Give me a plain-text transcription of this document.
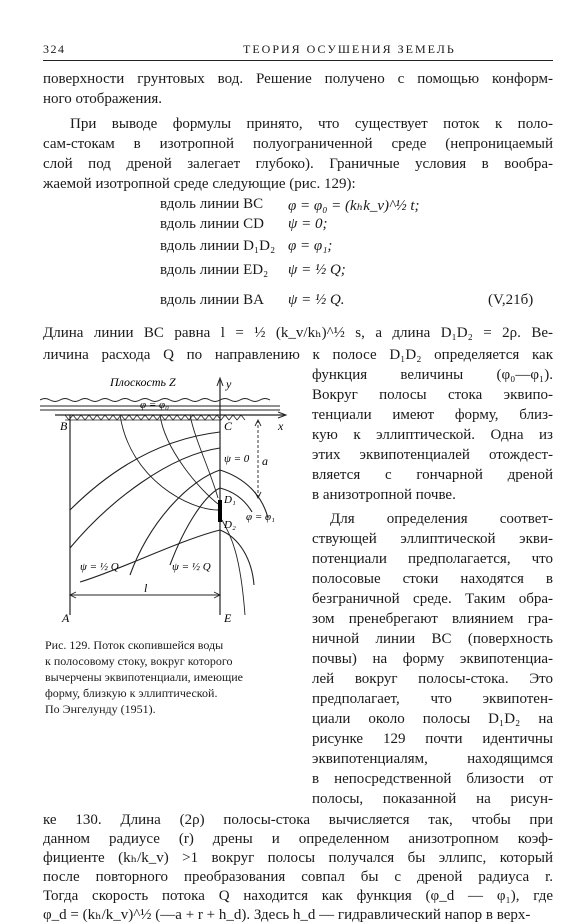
324	ТЕОРИЯ ОСУШЕНИЯ ЗЕМЕЛЬ
поверхности грунтовых вод. Решение получено с помощью конформ-
ного отображения.
При выводе формулы принято, что существует поток к поло-
сам-стокам в изотропной полуограниченной среде (непроницаемый
слой под дреной залегает глубоко). Граничные условия в вообра-
жаемой изотропной среде следующие (рис. 129):
вдоль линии BC φ = φ₀ = (kₕk_v)^½ t;
вдоль линии CD ψ = 0;
вдоль линии D₁D₂ φ = φ₁;
вдоль линии ED₂ ψ = ½ Q;
вдоль линии BA ψ = ½ Q.	(V,21б)
Длина линии BC равна l = ½ (k_v/kₕ)^½ s, а длина D₁D₂ = 2ρ. Ве-
личина расхода Q по направлению к полосе D₁D₂ определяется как
функция величины (φ₀—φ₁).
Вокруг полосы стока эквипо-
тенциали имеют форму, близ-
кую к эллиптической. Одна из
этих эквипотенциалей отождест-
вляется с гончарной дреной
в анизотропной почве.
Для определения соответ-
ствующей эллиптической экви-
потенциали предполагается, что
полосовые стоки находятся в
безграничной среде. Таким обра-
зом пренебрегают влиянием гра-
ничной линии BC (поверхность
почвы) на форму эквипотенциа-
лей вокруг полосы-стока. Это
предполагает, что эквипотен-
циали около полосы D₁D₂ на
рисунке 129 почти идентичны
эквипотенциалям, находящимся
в непосредственной близости от
полосы, показанной на рисун-
Плоскость Z	y
x
B	C
A	E
D₁
D₂
φ = φ₀
ψ = 0
φ = φ₁
ψ = ½ Q	ψ = ½ Q
l
a
Рис. 129. Поток скопившейся воды
к полосовому стоку, вокруг которого
вычерчены эквипотенциали, имеющие
форму, близкую к эллиптической.
По Энгелунду (1951).
ке 130. Длина (2ρ) полосы-стока вычисляется так, чтобы при
данном радиусе (r) дрены и определенном анизотропном коэф-
фициенте (kₕ/k_v) >1 вокруг полосы получался бы эллипс, который
после повторного преобразования совпал бы с дреной радиуса r.
Тогда скорость потока Q находится как функция (φ_d — φ₁), где
φ_d = (kₕ/k_v)^½ (—a + r + h_d). Здесь h_d — гидравлический напор в верх-
